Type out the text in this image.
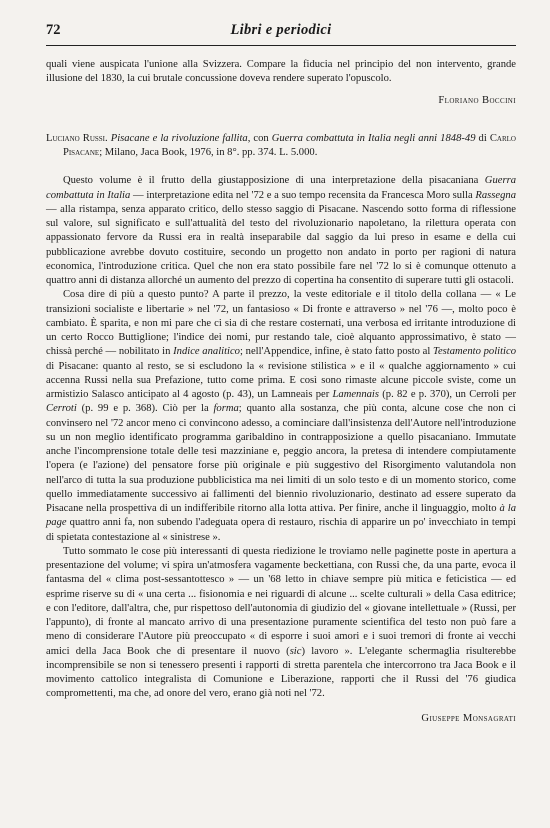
72	Libri e periodici

quali viene auspicata l'unione alla Svizzera. Compare la fiducia nel principio del non intervento, grande illusione del 1830, la cui brutale concussione doveva rendere superato l'opuscolo.

Floriano Boccini

Luciano Russi. Pisacane e la rivoluzione fallita, con Guerra combattuta in Italia negli anni 1848-49 di Carlo Pisacane; Milano, Jaca Book, 1976, in 8°. pp. 374. L. 5.000.

Questo volume è il frutto della giustapposizione di una interpretazione della pisacaniana Guerra combattuta in Italia — interpretazione edita nel '72 e a suo tempo recensita da Francesca Moro sulla Rassegna — alla ristampa, senza apparato critico, dello stesso saggio di Pisacane. Nascendo sotto forma di riflessione sul valore, sul significato e sull'attualità del testo del rivoluzionario napoletano, la rilettura operata con appassionato fervore da Russi era in realtà inseparabile dal saggio da lui preso in esame e della cui pubblicazione avrebbe dovuto costituire, secondo un progetto non andato in porto per ragioni di natura economica, l'introduzione critica. Quel che non era stato possibile fare nel '72 lo si è comunque ottenuto a quattro anni di distanza allorché un aumento del prezzo di copertina ha consentito di superare tutti gli ostacoli.

Cosa dire di più a questo punto? A parte il prezzo, la veste editoriale e il titolo della collana — « Le transizioni socialiste e libertarie » nel '72, un fantasioso « Di fronte e attraverso » nel '76 —, molto poco è cambiato. È sparita, e non mi pare che ci sia di che restare costernati, una verbosa ed irritante introduzione di un certo Rocco Buttiglione; l'indice dei nomi, pur restando tale, cioè alquanto approssimativo, è stato — chissà perché — nobilitato in Indice analitico; nell'Appendice, infine, è stato fatto posto al Testamento politico di Pisacane: quanto al resto, se si escludono la « revisione stilistica » e il « qualche aggiornamento » cui accenna Russi nella sua Prefazione, tutto come prima. E così sono rimaste alcune piccole sviste, come un armistizio Salasco anticipato al 4 agosto (p. 43), un Lamneais per Lamennais (p. 82 e p. 370), un Cerroli per Cerroti (p. 99 e p. 368). Ciò per la forma; quanto alla sostanza, che più conta, alcune cose che non ci convinsero nel '72 ancor meno ci convincono adesso, a cominciare dall'insistenza dell'Autore nell'introduzione su un non meglio identificato programma garibaldino in contrapposizione a quello pisacaniano. Immutate anche l'incomprensione totale delle tesi mazziniane e, peggio ancora, la pretesa di intendere compiutamente l'opera (e l'azione) del pensatore forse più originale e più suggestivo del Risorgimento valutandola non nell'arco di tutta la sua produzione pubblicistica ma nei limiti di un solo testo e di un momento storico, come quello immediatamente successivo ai fallimenti del biennio rivoluzionario, destinato ad essere superato da Pisacane nella prospettiva di un indifferibile ritorno alla lotta attiva. Per finire, anche il linguaggio, molto à la page quattro anni fa, non subendo l'adeguata opera di restauro, rischia di apparire un po' invecchiato in tempi di spietata contestazione al « sinistrese ».

Tutto sommato le cose più interessanti di questa riedizione le troviamo nelle paginette poste in apertura a presentazione del volume; vi spira un'atmosfera vagamente beckettiana, con Russi che, da una parte, evoca il fantasma del « clima post-sessantottesco » — un '68 letto in chiave sempre più mitica e feticistica — ed esprime riserve su di « una certa ... fisionomia e nei riguardi di alcune ... scelte culturali » della Casa editrice; e con l'editore, dall'altra, che, pur rispettoso dell'autonomia di giudizio del « giovane intellettuale » (Russi, per l'appunto), di fronte al mancato arrivo di una presentazione puramente scientifica del testo non può fare a meno di considerare l'Autore più preoccupato « di esporre i suoi amori e i suoi tremori di fronte ai vecchi amici della Jaca Book che di presentare il nuovo (sic) lavoro ». L'elegante schermaglia risulterebbe incomprensibile se non si tenessero presenti i rapporti di stretta parentela che intercorrono tra Jaca Book e il movimento cattolico integralista di Comunione e Liberazione, rapporti che il Russi del '76 giudica compromettenti, ma che, ad onore del vero, erano già noti nel '72.

Giuseppe Monsagrati
